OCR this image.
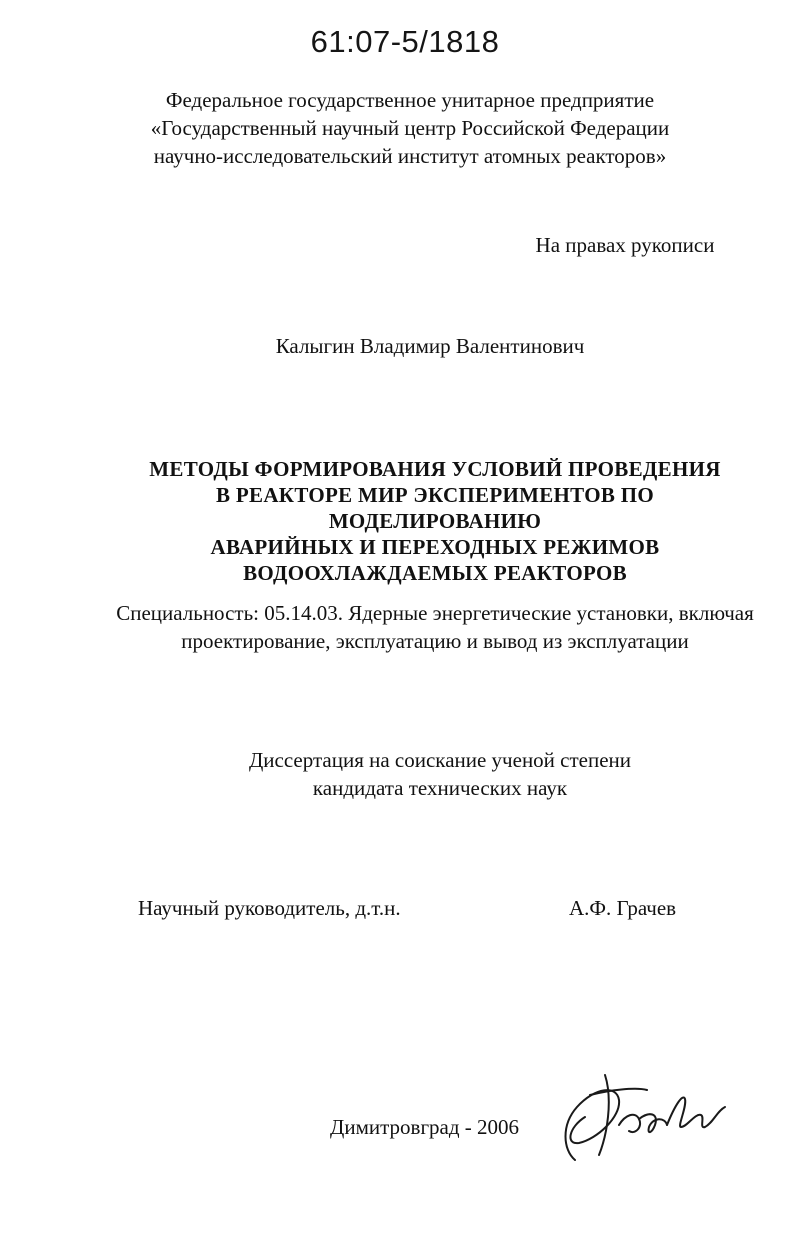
61:07-5/1818
Федеральное государственное унитарное предприятие
«Государственный научный центр Российской Федерации
научно-исследовательский институт атомных реакторов»
На правах рукописи
Калыгин Владимир Валентинович
МЕТОДЫ ФОРМИРОВАНИЯ УСЛОВИЙ ПРОВЕДЕНИЯ
В РЕАКТОРЕ МИР ЭКСПЕРИМЕНТОВ ПО МОДЕЛИРОВАНИЮ
АВАРИЙНЫХ И ПЕРЕХОДНЫХ РЕЖИМОВ
ВОДООХЛАЖДАЕМЫХ РЕАКТОРОВ
Специальность: 05.14.03. Ядерные энергетические установки, включая
проектирование, эксплуатацию и вывод из эксплуатации
Диссертация на соискание ученой степени
кандидата технических наук
Научный руководитель, д.т.н.	А.Ф. Грачев
Димитровград - 2006
